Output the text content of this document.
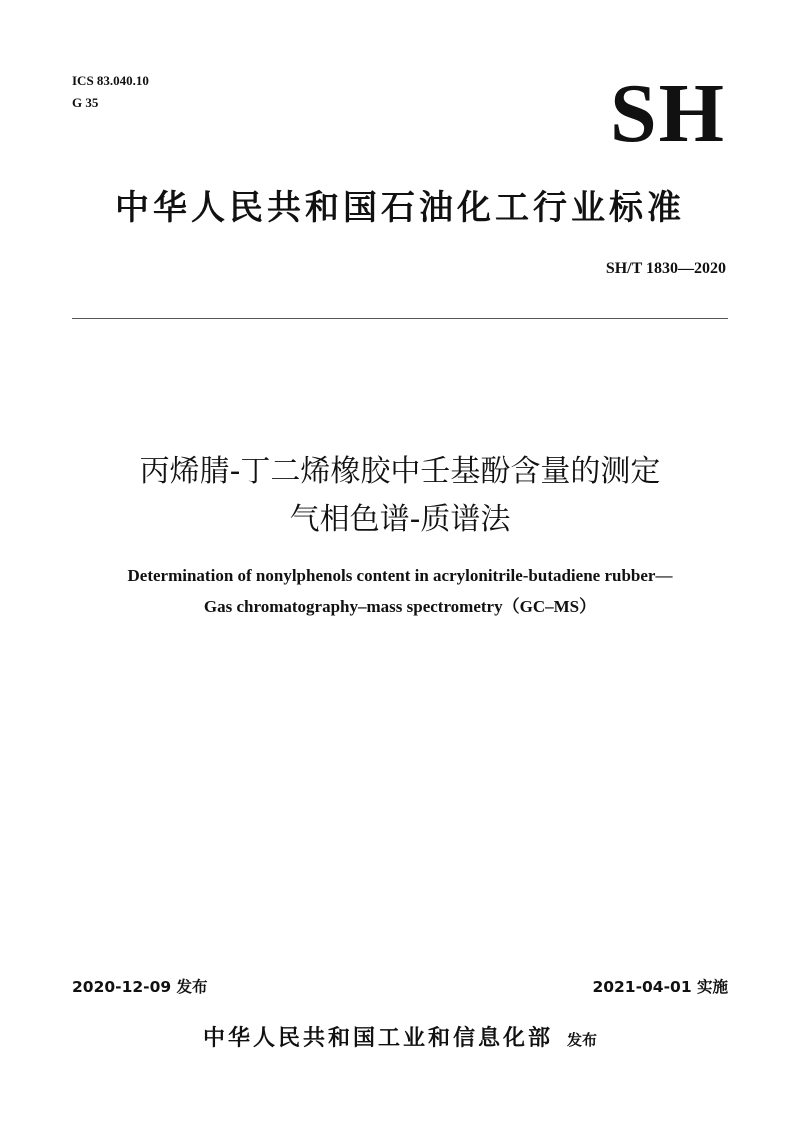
ICS 83.040.10
G 35	SH
中华人民共和国石油化工行业标准
SH/T 1830—2020
丙烯腈-丁二烯橡胶中壬基酚含量的测定
气相色谱-质谱法
Determination of nonylphenols content in acrylonitrile-butadiene rubber—
Gas chromatography–mass spectrometry（GC–MS）
2020-12-09 发布	2021-04-01 实施
中华人民共和国工业和信息化部 发布
